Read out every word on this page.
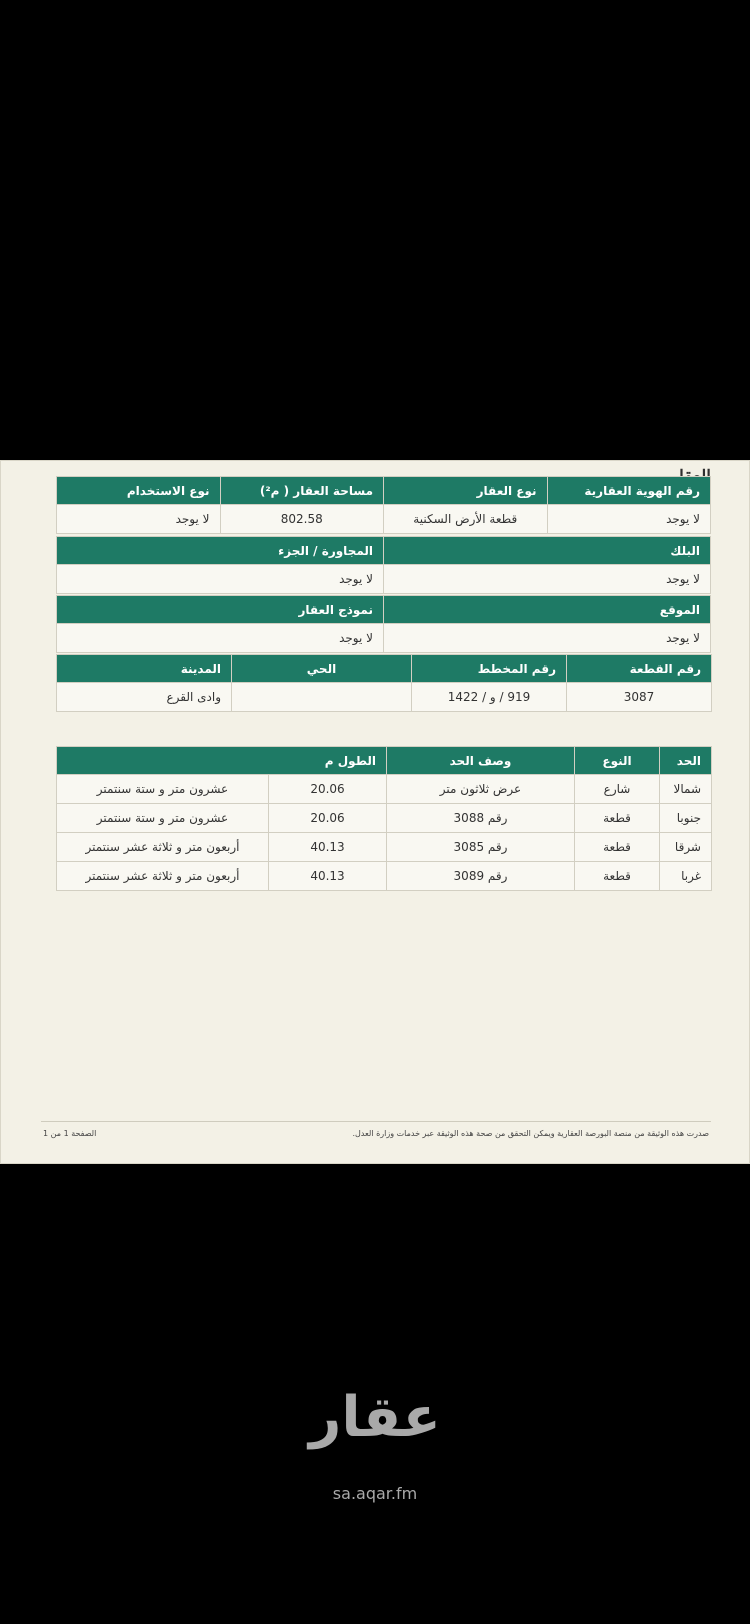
رقم الهوية العقارية	نوع العقار	مساحة العقار ( م²)	نوع الاستخدام
لا يوجد	قطعة الأرض السكنية	802.58	لا يوجد
البلك	المجاورة / الجزء
لا يوجد	لا يوجد
الموقع	نموذج العقار
لا يوجد	لا يوجد
رقم القطعة	رقم المخطط	الحي	المدينة
3087	919 / و / 1422		وادى القرع
الحد	النوع	وصف الحد	الطول م	
شمالا	شارع	عرض ثلاثون متر	20.06	عشرون متر و ستة سنتمتر
جنوبا	قطعة	رقم 3088	20.06	عشرون متر و ستة سنتمتر
شرقا	قطعة	رقم 3085	40.13	أربعون متر و ثلاثة عشر سنتمتر
غربا	قطعة	رقم 3089	40.13	أربعون متر و ثلاثة عشر سنتمتر
صدرت هذه الوثيقة من منصة البورصة العقارية ويمكن التحقق من صحة هذه الوثيقة عبر خدمات وزارة العدل.
الصفحة 1 من 1
عقار
sa.aqar.fm
